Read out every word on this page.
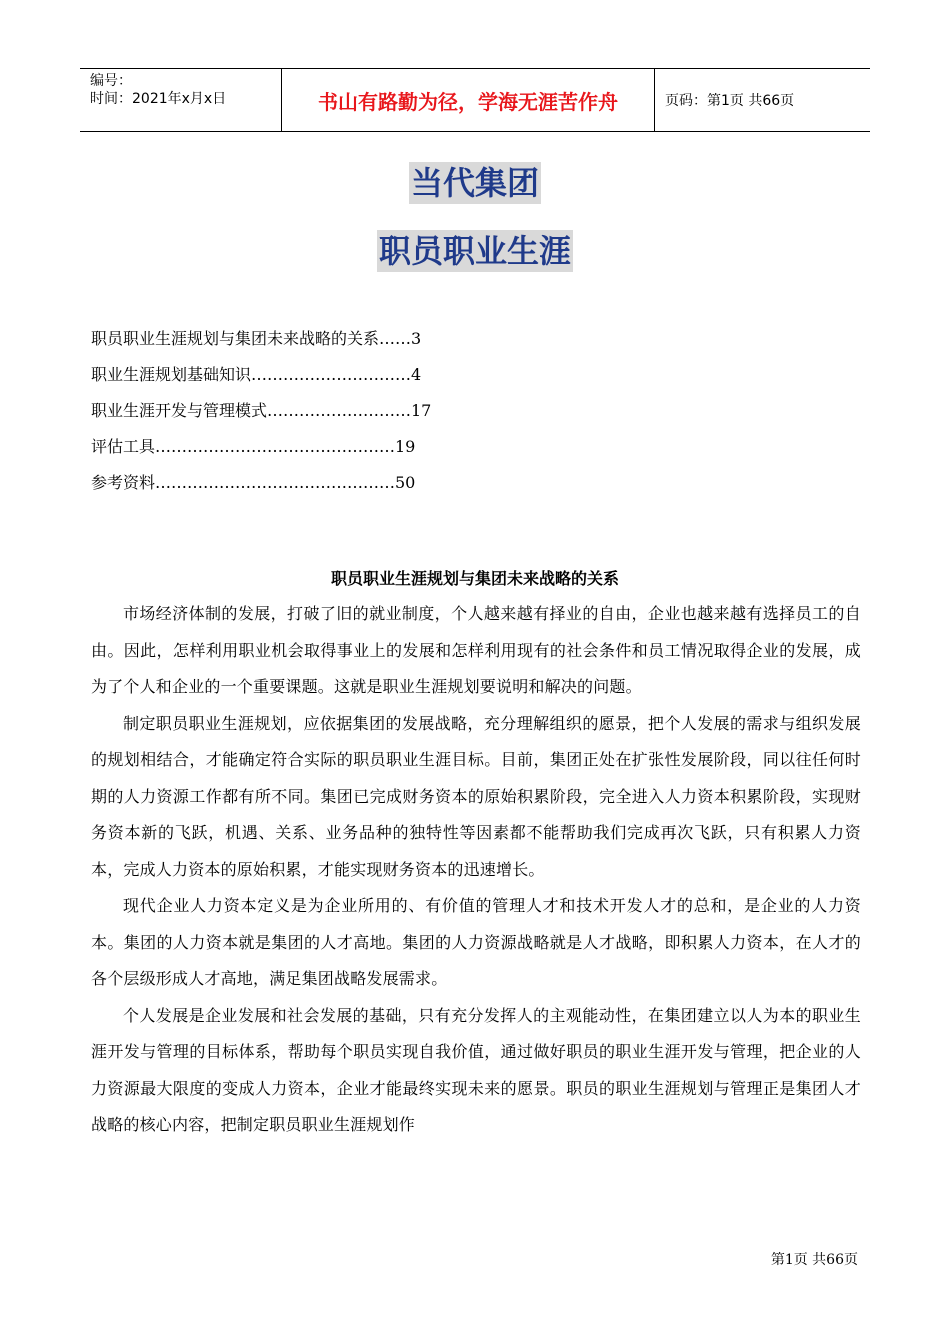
编号：
时间：2021年x月x日	书山有路勤为径，学海无涯苦作舟	页码：第1页 共66页
当代集团
职员职业生涯
职员职业生涯规划与集团未来战略的关系……3
职业生涯规划基础知识…………………………4
职业生涯开发与管理模式………………………17
评估工具………………………………………19
参考资料………………………………………50
职员职业生涯规划与集团未来战略的关系

市场经济体制的发展，打破了旧的就业制度，个人越来越有择业的自由，企业也越来越有选择员工的自由。因此，怎样利用职业机会取得事业上的发展和怎样利用现有的社会条件和员工情况取得企业的发展，成为了个人和企业的一个重要课题。这就是职业生涯规划要说明和解决的问题。

制定职员职业生涯规划，应依据集团的发展战略，充分理解组织的愿景，把个人发展的需求与组织发展的规划相结合，才能确定符合实际的职员职业生涯目标。目前，集团正处在扩张性发展阶段，同以往任何时期的人力资源工作都有所不同。集团已完成财务资本的原始积累阶段，完全进入人力资本积累阶段，实现财务资本新的飞跃，机遇、关系、业务品种的独特性等因素都不能帮助我们完成再次飞跃，只有积累人力资本，完成人力资本的原始积累，才能实现财务资本的迅速增长。

现代企业人力资本定义是为企业所用的、有价值的管理人才和技术开发人才的总和，是企业的人力资本。集团的人力资本就是集团的人才高地。集团的人力资源战略就是人才战略，即积累人力资本，在人才的各个层级形成人才高地，满足集团战略发展需求。

个人发展是企业发展和社会发展的基础，只有充分发挥人的主观能动性，在集团建立以人为本的职业生涯开发与管理的目标体系，帮助每个职员实现自我价值，通过做好职员的职业生涯开发与管理，把企业的人力资源最大限度的变成人力资本，企业才能最终实现未来的愿景。职员的职业生涯规划与管理正是集团人才战略的核心内容，把制定职员职业生涯规划作

第1页 共66页
